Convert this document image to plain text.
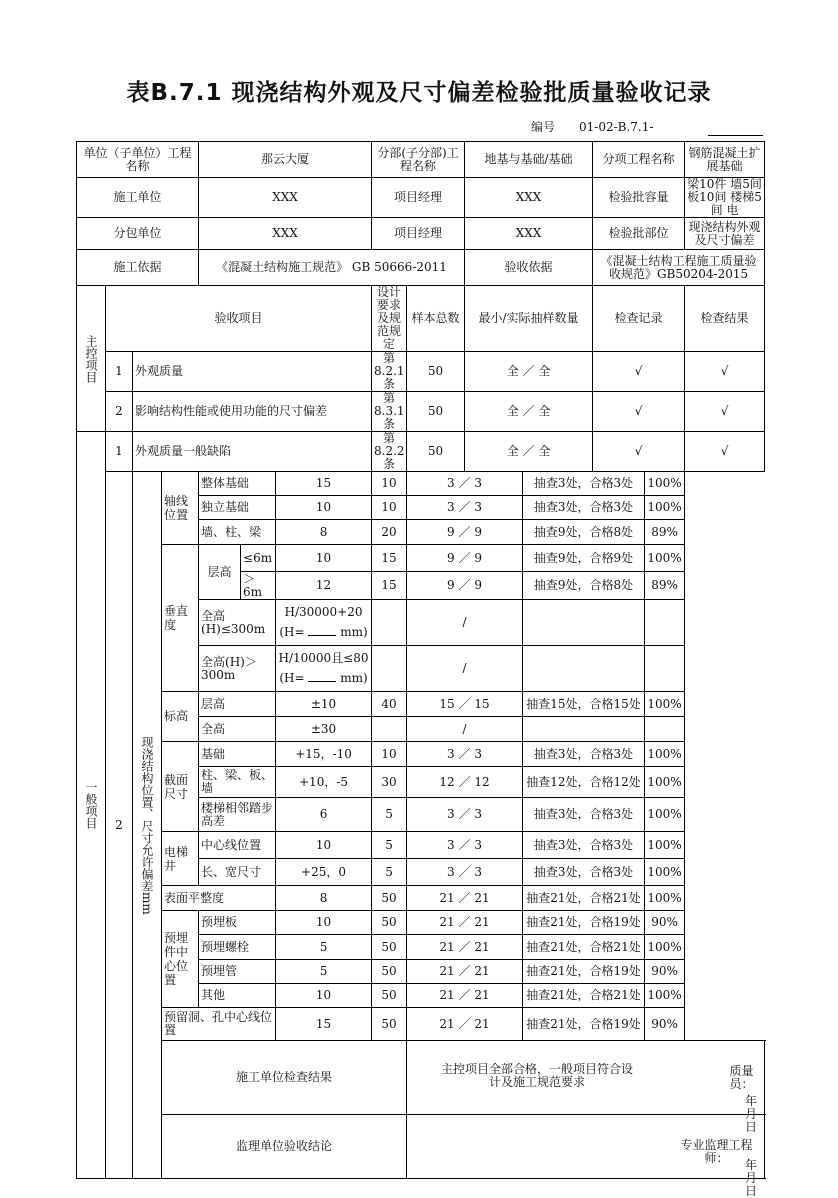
表B.7.1 现浇结构外观及尺寸偏差检验批质量验收记录
编号 01-02-B.7.1-
单位（子单位）工程名称				那云大厦			分部(子分部)工程名称		地基与基础/基础		分项工程名称		钢筋混凝土扩展基础
施工单位				XXX			项目经理		XXX		检验批容量		梁10件 墙5间 板10间 楼梯5间 电
分包单位				XXX			项目经理		XXX		检验批部位		现浇结构外观及尺寸偏差
施工依据				《混凝土结构施工规范》 GB 50666-2011					验收依据		《混凝土结构工程施工质量验收规范》GB50204-2015		
主控项目	验收项目						设计要求及规范规定	样本总数	最小/实际抽样数量		检查记录		检查结果
	1	外观质量					第8.2.1条	50	全 ／ 全		√		√
	2	影响结构性能或使用功能的尺寸偏差					第8.3.1条	50	全 ／ 全		√		√
一般项目	1	外观质量一般缺陷					第8.2.2条	50	全 ／ 全		√		√
	2	现浇结构位置、尺寸允许偏差mm	轴线位置	整体基础		15	10	3 ／ 3		抽查3处，合格3处		100%	
				独立基础		10	10	3 ／ 3		抽查3处，合格3处		100%	
				墙、柱、梁		8	20	9 ／ 9		抽查9处，合格8处		89%	
			垂直度	层高	≤6m	10	15	9 ／ 9		抽查9处，合格9处		100%	
					＞6m	12	15	9 ／ 9		抽查9处，合格8处		89%	
				全高(H)≤300m		H/30000+20
(H= mm)		/					
				全高(H)＞300m		H/10000且≤80
(H= mm)		/					
			标高	层高		±10	40	15 ／ 15		抽查15处，合格15处		100%	
				全高		±30		/					
			截面尺寸	基础		+15，-10	10	3 ／ 3		抽查3处，合格3处		100%	
				柱、梁、板、墙		+10，-5	30	12 ／ 12		抽查12处，合格12处		100%	
				楼梯相邻踏步高差		6	5	3 ／ 3		抽查3处，合格3处		100%	
			电梯井	中心线位置		10	5	3 ／ 3		抽查3处，合格3处		100%	
				长、宽尺寸		+25，0	5	3 ／ 3		抽查3处，合格3处		100%	
			表面平整度			8	50	21 ／ 21		抽查21处，合格21处		100%	
			预埋件中心位置	预埋板		10	50	21 ／ 21		抽查21处，合格19处		90%	
				预埋螺栓		5	50	21 ／ 21		抽查21处，合格21处		100%	
				预埋管		5	50	21 ／ 21		抽查21处，合格19处		90%	
				其他		10	50	21 ／ 21		抽查21处，合格21处		100%	
			预留洞、孔中心线位置			15	50	21 ／ 21		抽查21处，合格19处		90%	
			施工单位检查结果					主控项目全部合格，一般项目符合设计及施工规范要求
质量员：
年 月 日					

			监理单位验收结论					专业监理工程师： 年 月 日					
